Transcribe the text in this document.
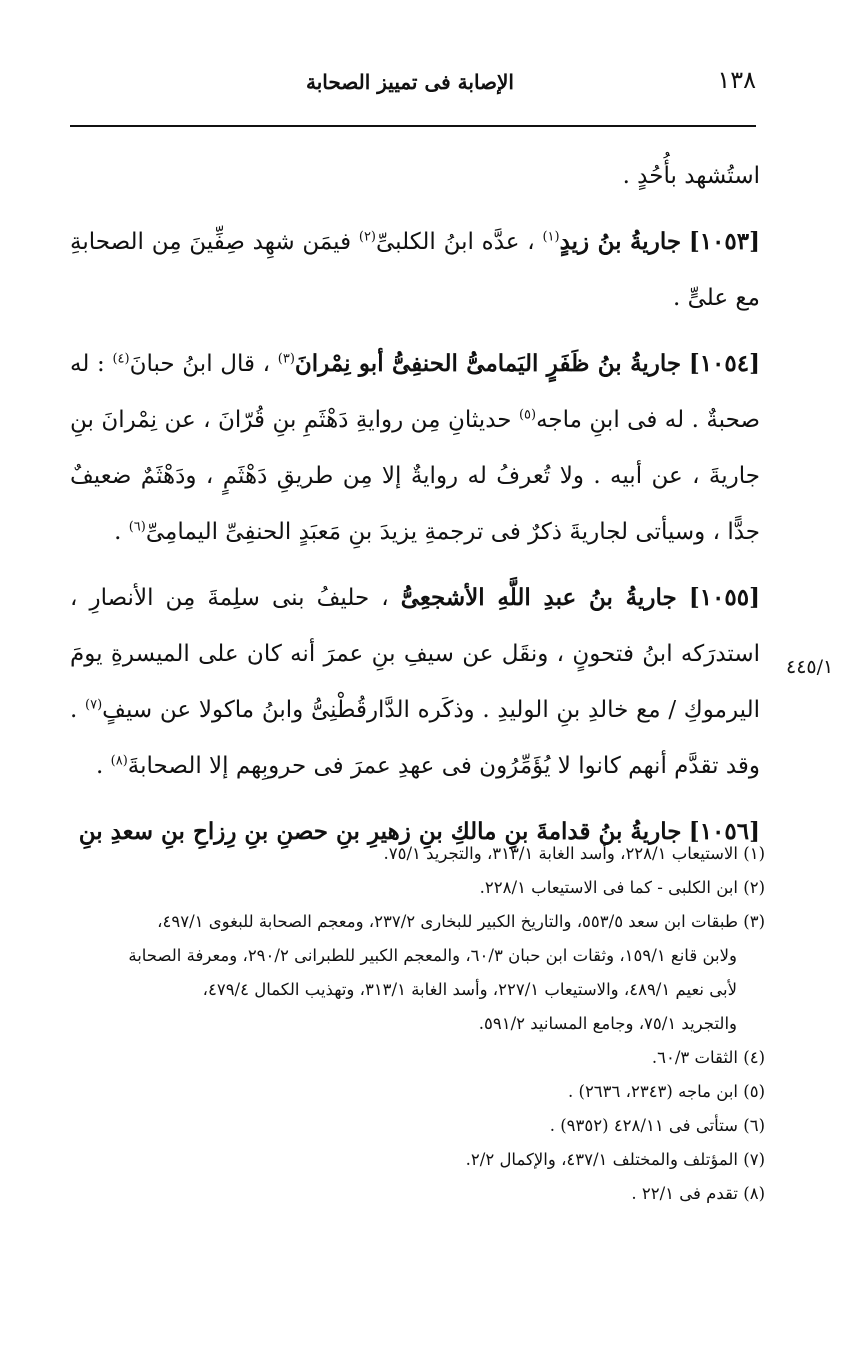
الإصابة فى تمييز الصحابة	١٣٨

استُشهد بأُحُدٍ .

[١٠٥٣] جاريةُ بنُ زيدٍ$^{(١)}$ ، عدَّه ابنُ الكلبىِّ$^{(٢)}$ فيمَن شهِد صِفِّينَ مِن الصحابةِ مع علىٍّ .

[١٠٥٤] جاريةُ بنُ ظَفَرٍ اليَمامىُّ الحنفِىُّ أبو نِمْرانَ$^{(٣)}$ ، قال ابنُ حبانَ$^{(٤)}$ : له صحبةٌ . له فى ابنِ ماجه$^{(٥)}$ حديثانِ مِن روايةِ دَهْثَمِ بنِ قُرّانَ ، عن نِمْرانَ بنِ جاريةَ ، عن أبيه . ولا تُعرفُ له روايةٌ إلا مِن طريقِ دَهْثَمٍ ، ودَهْثَمٌ ضعيفٌ جدًّا ، وسيأتى لجاريةَ ذكرٌ فى ترجمةِ يزيدَ بنِ مَعبَدٍ الحنفِىِّ اليمامِىِّ$^{(٦)}$ .

[١٠٥٥] جاريةُ بنُ عبدِ اللَّهِ الأشجعِىُّ ، حليفُ بنى سلِمةَ مِن الأنصارِ ، استدرَكه ابنُ فتحونٍ ، ونقَل عن سيفِ بنِ عمرَ أنه كان على الميسرةِ يومَ اليرموكِ / مع خالدِ بنِ الوليدِ . وذكَره الدَّارقُطْنِىُّ وابنُ ماكولا عن سيفٍ$^{(٧)}$ . وقد تقدَّم أنهم كانوا لا يُؤَمِّرُون فى عهدِ عمرَ فى حروبِهم إلا الصحابةَ$^{(٨)}$ .

[١٠٥٦] جاريةُ بنُ قدامةَ بنِ مالكِ بنِ زهيرِ بنِ حصنِ بنِ رِزاحِ بنِ سعدِ بنِ

٤٤٥/١

(١) الاستيعاب ٢٢٨/١، وأسد الغابة ٣١٣/١، والتجريد ٧٥/١.

(٢) ابن الكلبى - كما فى الاستيعاب ٢٢٨/١.

(٣) طبقات ابن سعد ٥٥٣/٥، والتاريخ الكبير للبخارى ٢٣٧/٢، ومعجم الصحابة للبغوى ٤٩٧/١،

ولابن قانع ١٥٩/١، وثقات ابن حبان ٦٠/٣، والمعجم الكبير للطبرانى ٢٩٠/٢، ومعرفة الصحابة

لأبى نعيم ٤٨٩/١، والاستيعاب ٢٢٧/١، وأسد الغابة ٣١٣/١، وتهذيب الكمال ٤٧٩/٤،

والتجريد ٧٥/١، وجامع المسانيد ٥٩١/٢.

(٤) الثقات ٦٠/٣.

(٥) ابن ماجه (٢٣٤٣، ٢٦٣٦) .

(٦) ستأتى فى ٤٢٨/١١ (٩٣٥٢) .

(٧) المؤتلف والمختلف ٤٣٧/١، والإكمال ٢/٢.

(٨) تقدم فى ٢٢/١ .
